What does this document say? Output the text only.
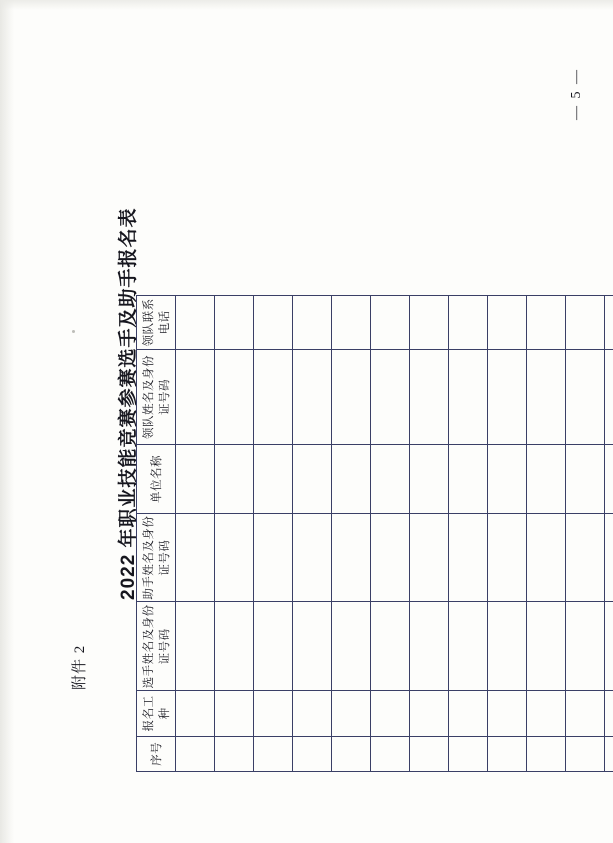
附件 2
— 5 —
2022 年职业技能竞赛参赛选手及助手报名表
序号	报名工种	选手姓名及身份证号码	助手姓名及身份证号码	单位名称	领队姓名及身份证号码	领队联系电话
